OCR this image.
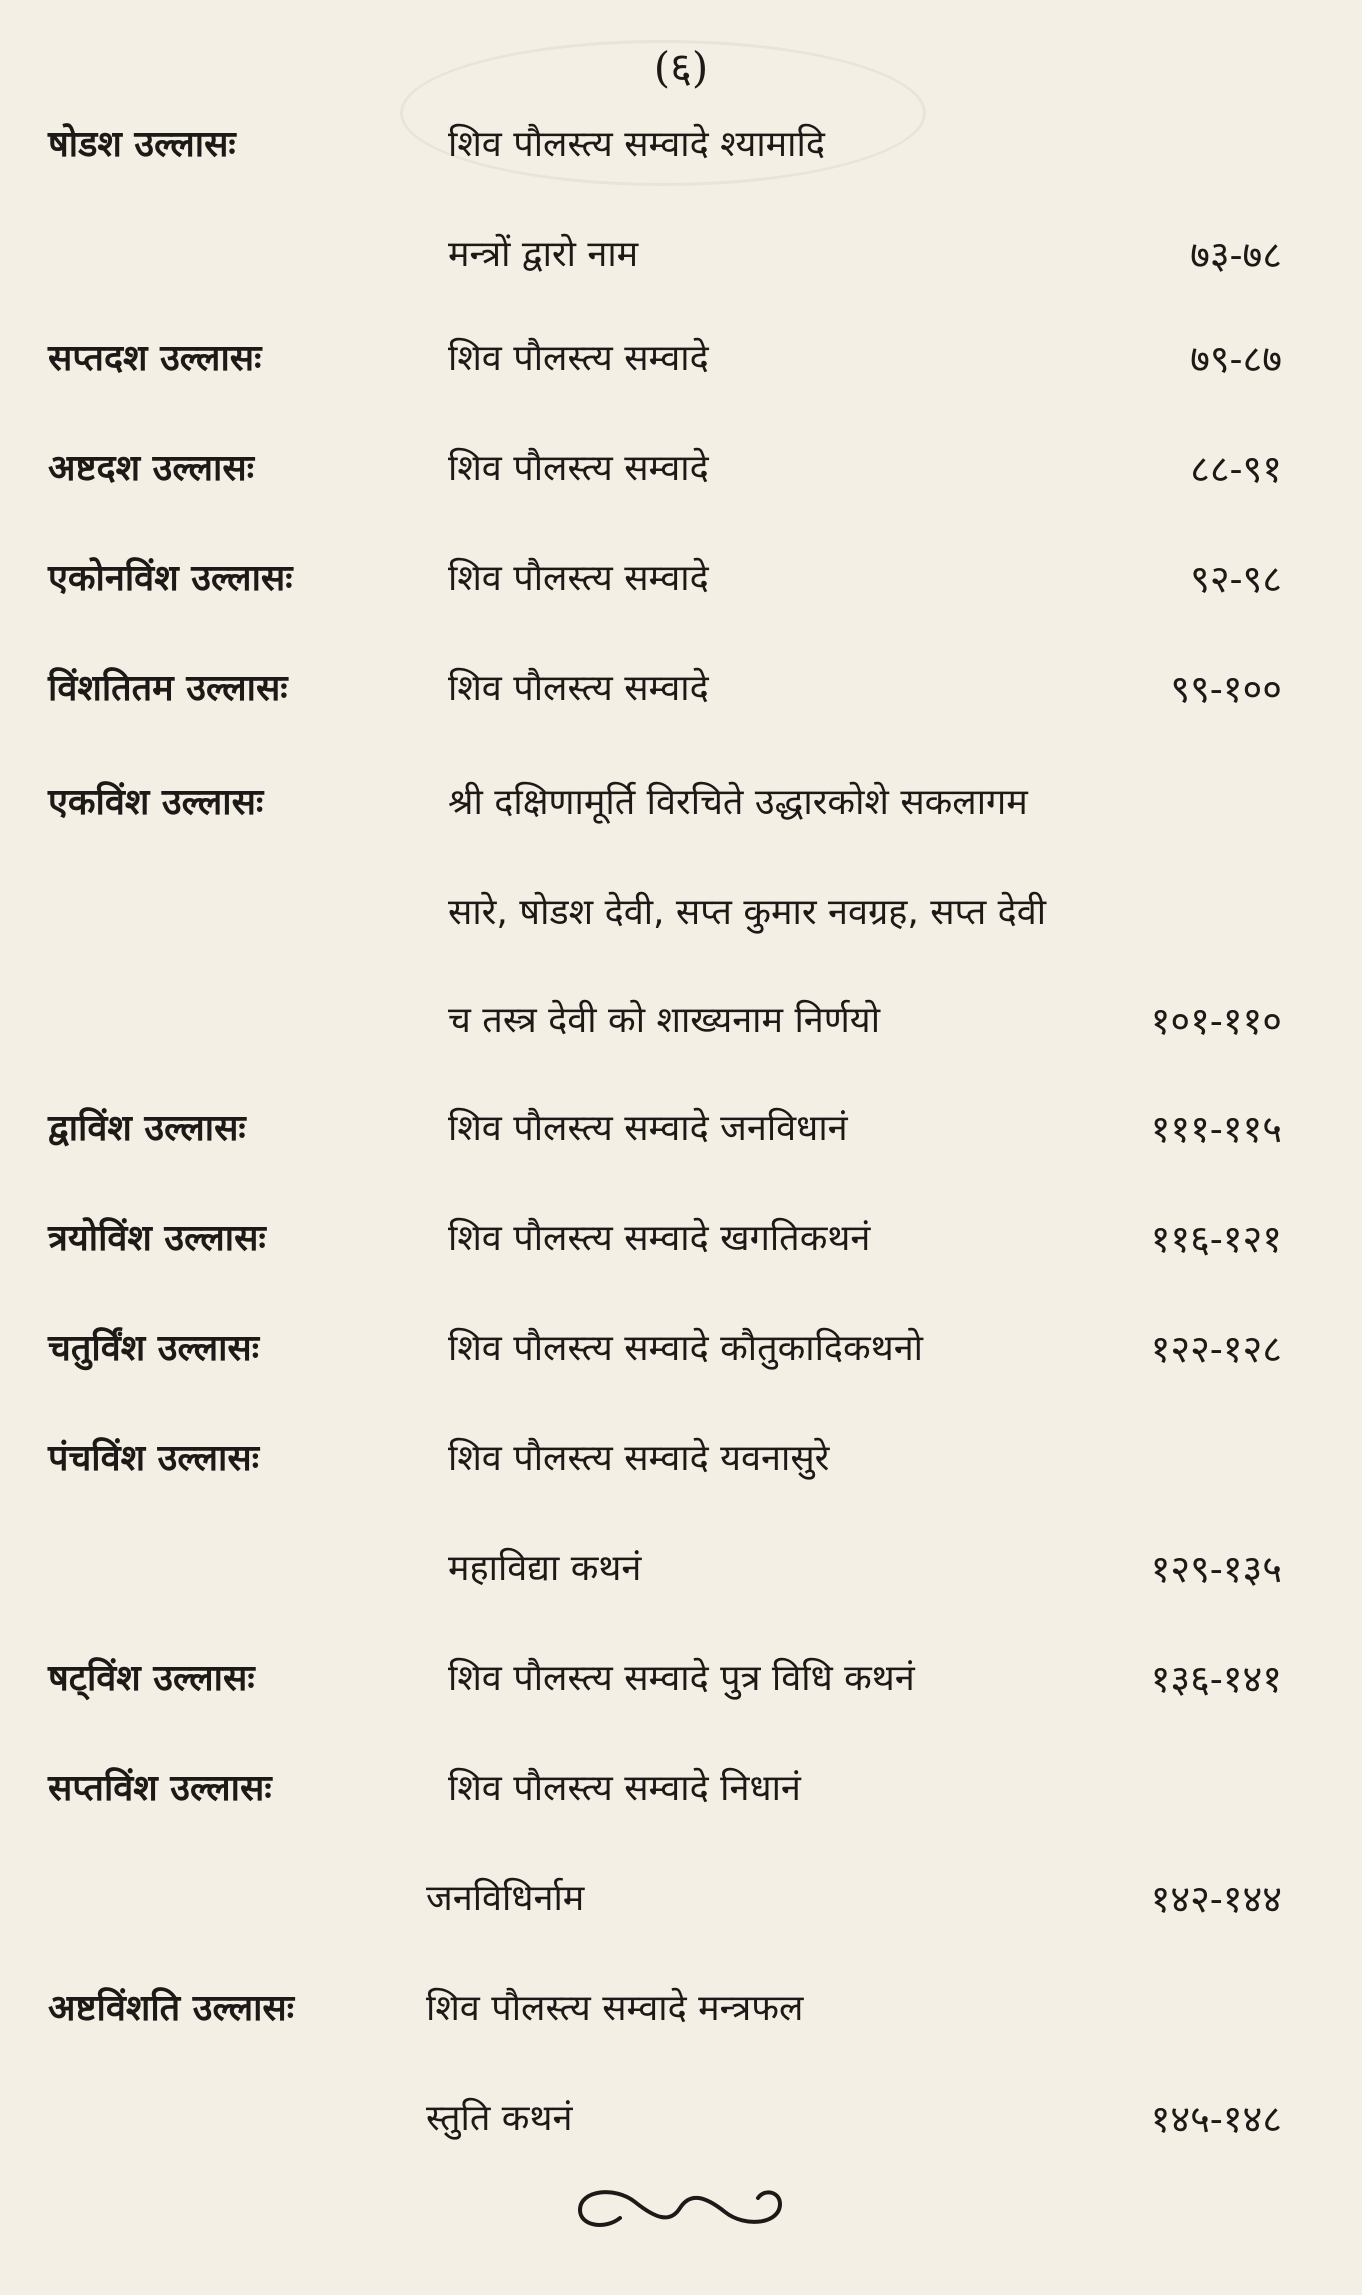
(६)
षोडश उल्लासः	शिव पौलस्त्य सम्वादे श्यामादि
मन्त्रों द्वारो नाम	७३-७८
सप्तदश उल्लासः	शिव पौलस्त्य सम्वादे	७९-८७
अष्टदश उल्लासः	शिव पौलस्त्य सम्वादे	८८-९१
एकोनविंश उल्लासः	शिव पौलस्त्य सम्वादे	९२-९८
विंशतितम उल्लासः	शिव पौलस्त्य सम्वादे	९९-१००
एकविंश उल्लासः	श्री दक्षिणामूर्ति विरचिते उद्धारकोशे सकलागम
सारे, षोडश देवी, सप्त कुमार नवग्रह, सप्त देवी
च तस्त्र देवी को शाख्यनाम निर्णयो	१०१-११०
द्वाविंश उल्लासः	शिव पौलस्त्य सम्वादे जनविधानं	१११-११५
त्रयोविंश उल्लासः	शिव पौलस्त्य सम्वादे खगतिकथनं	११६-१२१
चतुर्विंश उल्लासः	शिव पौलस्त्य सम्वादे कौतुकादिकथनो	१२२-१२८
पंचविंश उल्लासः	शिव पौलस्त्य सम्वादे यवनासुरे
महाविद्या कथनं	१२९-१३५
षट्विंश उल्लासः	शिव पौलस्त्य सम्वादे पुत्र विधि कथनं	१३६-१४१
सप्तविंश उल्लासः	शिव पौलस्त्य सम्वादे निधानं
जनविधिर्नाम	१४२-१४४
अष्टविंशति उल्लासः	शिव पौलस्त्य सम्वादे मन्त्रफल
स्तुति कथनं	१४५-१४८
